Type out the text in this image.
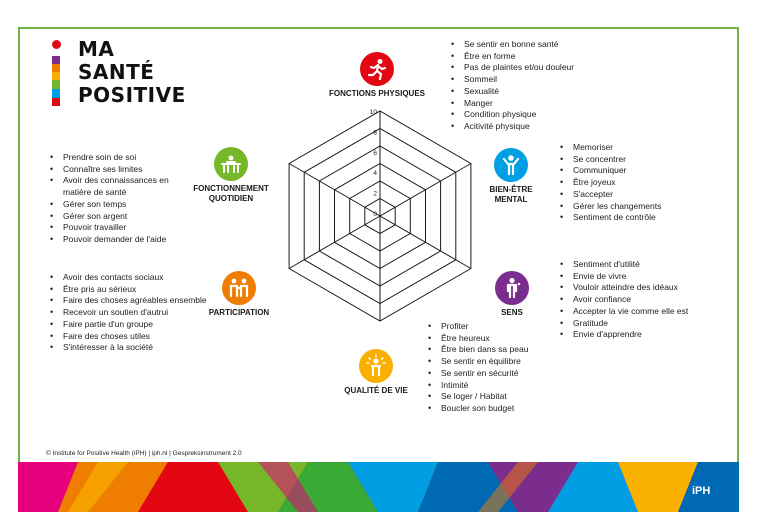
MA
SANTÉ
POSITIVE
0
2
4
6
8
10
FONCTIONS PHYSIQUES
• Se sentir en bonne santé
• Être en forme
• Pas de plaintes et/ou douleur
• Sommeil
• Sexualité
• Manger
• Condition physique
• Acitivité physique
BIEN-ÊTRE
MENTAL
• Memoriser
• Se concentrer
• Communiquer
• Être joyeux
• S'accepter
• Gérer les changements
• Sentiment de contrôle
SENS
• Sentiment d'utilité
• Envie de vivre
• Vouloir atteindre des idéaux
• Avoir confiance
• Accepter la vie comme elle est
• Gratitude
• Envie d'apprendre
QUALITÉ DE VIE
• Profiter
• Être heureux
• Être bien dans sa peau
• Se sentir en équilibre
• Se sentir en sécurité
• Intimité
• Se loger / Habitat
• Boucler son budget
PARTICIPATION
• Avoir des contacts sociaux
• Être pris au sérieux
• Faire des choses agréables ensemble
• Recevoir un soutien d'autrui
• Faire partie d'un groupe
• Faire des choses utiles
• S'intéresser à la société
FONCTIONNEMENT
QUOTIDIEN
• Prendre soin de soi
• Connaître ses limites
• Avoir des connaissances en
matière de santé
• Gérer son temps
• Gérer son argent
• Pouvoir travailler
• Pouvoir demander de l'aide
© Institute for Positive Health (iPH) | iph.nl | Gespreksinstrument 2.0
iPH
